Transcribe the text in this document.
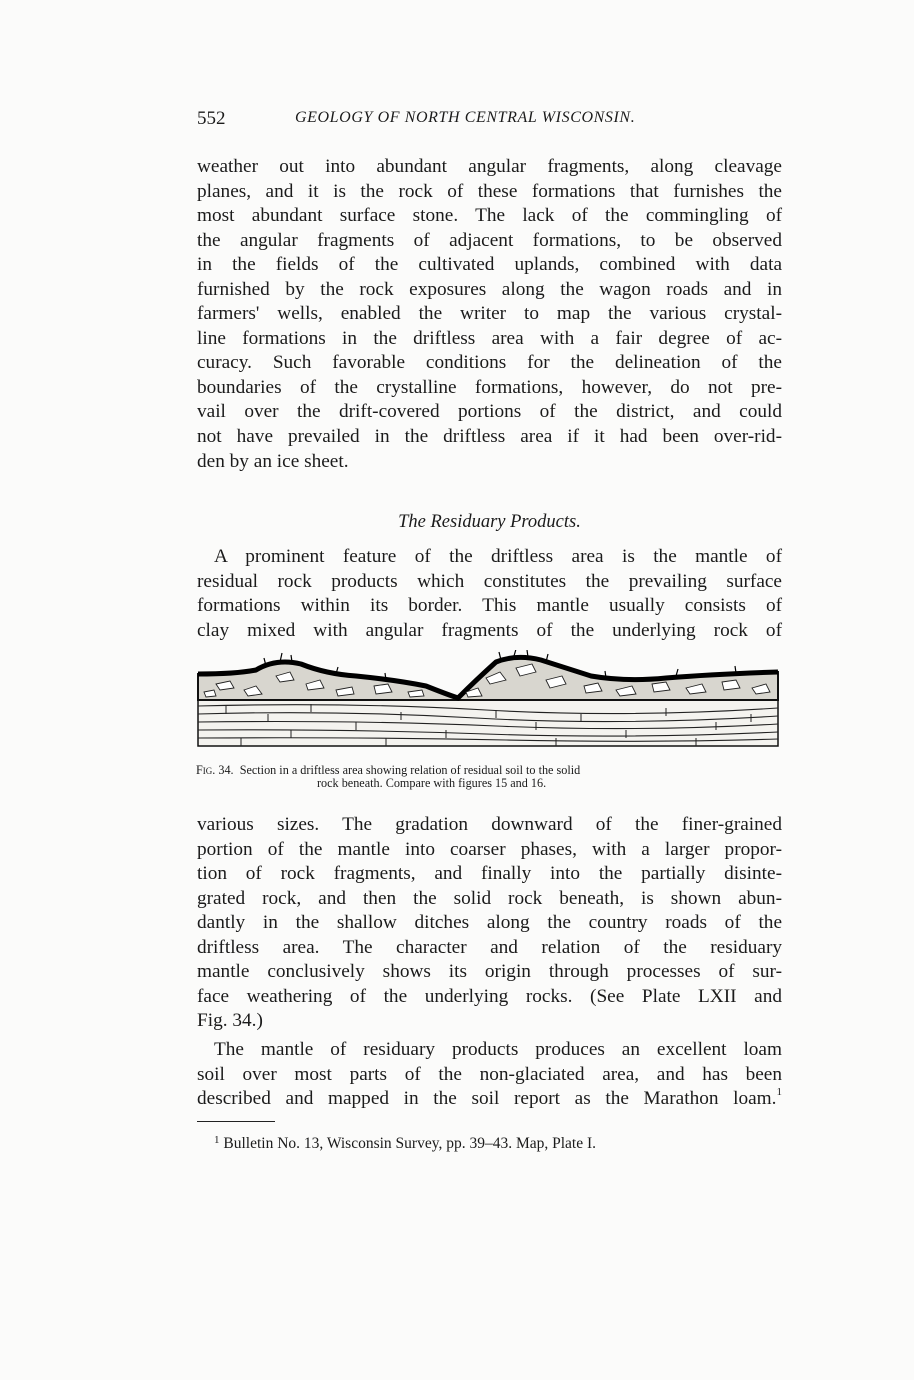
552	GEOLOGY OF NORTH CENTRAL WISCONSIN.
weather out into abundant angular fragments, along cleavage
planes, and it is the rock of these formations that furnishes the
most abundant surface stone. The lack of the commingling of
the angular fragments of adjacent formations, to be observed
in the fields of the cultivated uplands, combined with data
furnished by the rock exposures along the wagon roads and in
farmers' wells, enabled the writer to map the various crystal-
line formations in the driftless area with a fair degree of ac-
curacy. Such favorable conditions for the delineation of the
boundaries of the crystalline formations, however, do not pre-
vail over the drift-covered portions of the district, and could
not have prevailed in the driftless area if it had been over-rid-
den by an ice sheet.
The Residuary Products.
A prominent feature of the driftless area is the mantle of
residual rock products which constitutes the prevailing surface
formations within its border. This mantle usually consists of
clay mixed with angular fragments of the underlying rock of
Fig. 34. Section in a driftless area showing relation of residual soil to the solid
rock beneath. Compare with figures 15 and 16.
various sizes. The gradation downward of the finer-grained
portion of the mantle into coarser phases, with a larger propor-
tion of rock fragments, and finally into the partially disinte-
grated rock, and then the solid rock beneath, is shown abun-
dantly in the shallow ditches along the country roads of the
driftless area. The character and relation of the residuary
mantle conclusively shows its origin through processes of sur-
face weathering of the underlying rocks. (See Plate LXII and
Fig. 34.)
The mantle of residuary products produces an excellent loam
soil over most parts of the non-glaciated area, and has been
described and mapped in the soil report as the Marathon loam.$^1$
$^1$ Bulletin No. 13, Wisconsin Survey, pp. 39–43. Map, Plate I.
